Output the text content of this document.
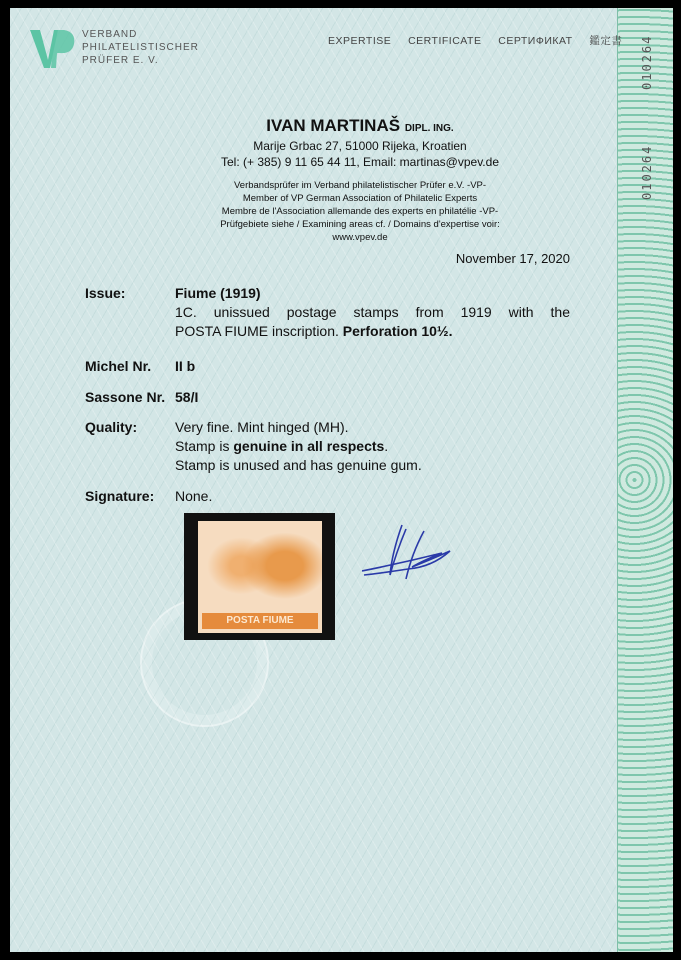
010264
010264
VERBAND
PHILATELISTISCHER
PRÜFER E. V.
EXPERTISE  CERTIFICATE  СЕРТИФИКАТ  鑑定書
IVAN MARTINAŠ DIPL. ING.
Marije Grbac 27, 51000 Rijeka, Kroatien
Tel: (+ 385) 9 11 65 44 11, Email: martinas@vpev.de
Verbandsprüfer im Verband philatelistischer Prüfer e.V. -VP-
Member of VP German Association of Philatelic Experts
Membre de l'Association allemande des experts en philatélie -VP-
Prüfgebiete siehe / Examining areas cf. / Domains d'expertise voir:
www.vpev.de
November 17, 2020
Issue:	Fiume (1919)
1C. unissued postage stamps from 1919 with the
POSTA FIUME inscription. Perforation 10½.
Michel Nr. II b
Sassone Nr. 58/I
Quality:	Very fine. Mint hinged (MH).
Stamp is genuine in all respects.
Stamp is unused and has genuine gum.
Signature: None.
POSTA FIUME
